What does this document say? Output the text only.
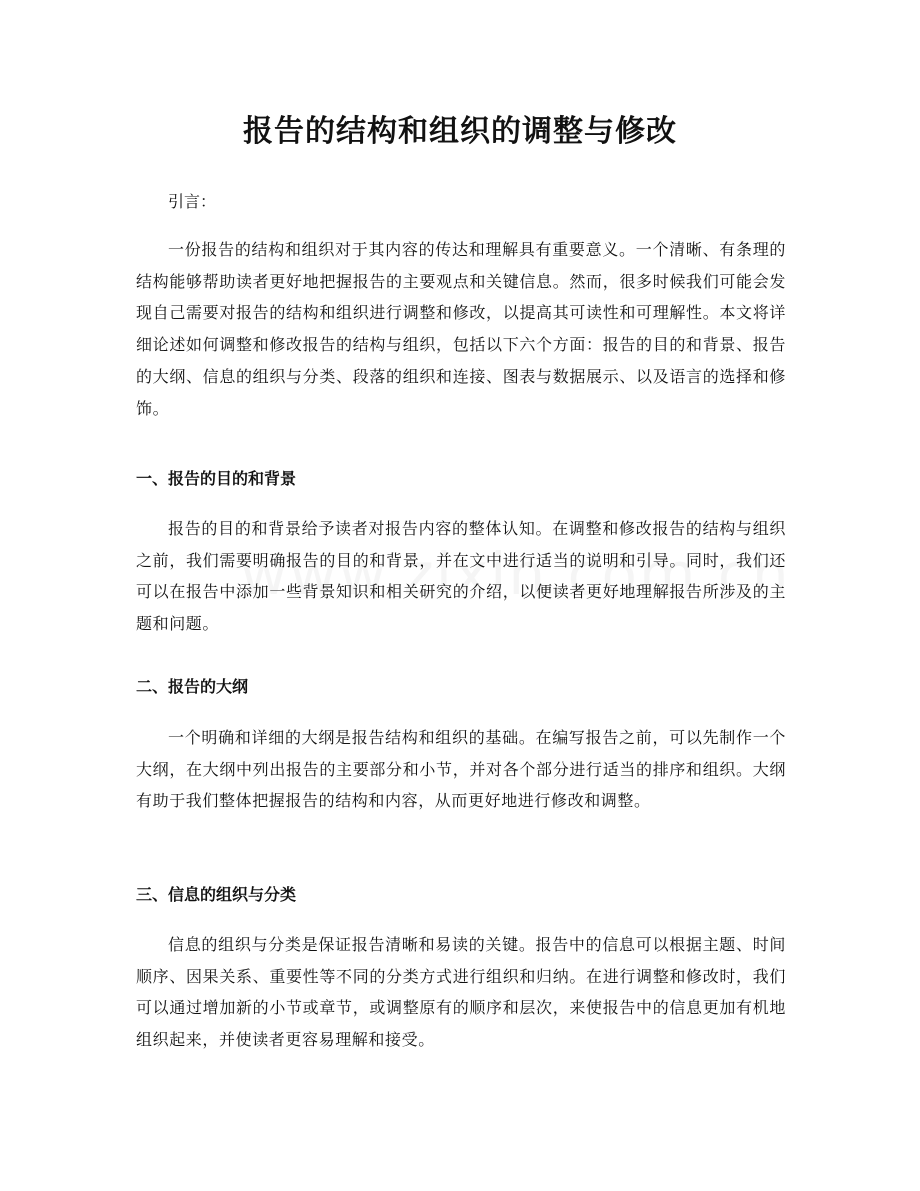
报告的结构和组织的调整与修改

引言：

一份报告的结构和组织对于其内容的传达和理解具有重要意义。一个清晰、有条理的结构能够帮助读者更好地把握报告的主要观点和关键信息。然而，很多时候我们可能会发现自己需要对报告的结构和组织进行调整和修改，以提高其可读性和可理解性。本文将详细论述如何调整和修改报告的结构与组织，包括以下六个方面：报告的目的和背景、报告的大纲、信息的组织与分类、段落的组织和连接、图表与数据展示、以及语言的选择和修饰。

一、报告的目的和背景

报告的目的和背景给予读者对报告内容的整体认知。在调整和修改报告的结构与组织之前，我们需要明确报告的目的和背景，并在文中进行适当的说明和引导。同时，我们还可以在报告中添加一些背景知识和相关研究的介绍，以便读者更好地理解报告所涉及的主题和问题。

二、报告的大纲

一个明确和详细的大纲是报告结构和组织的基础。在编写报告之前，可以先制作一个大纲，在大纲中列出报告的主要部分和小节，并对各个部分进行适当的排序和组织。大纲有助于我们整体把握报告的结构和内容，从而更好地进行修改和调整。

三、信息的组织与分类

信息的组织与分类是保证报告清晰和易读的关键。报告中的信息可以根据主题、时间顺序、因果关系、重要性等不同的分类方式进行组织和归纳。在进行调整和修改时，我们可以通过增加新的小节或章节，或调整原有的顺序和层次，来使报告中的信息更加有机地组织起来，并使读者更容易理解和接受。
